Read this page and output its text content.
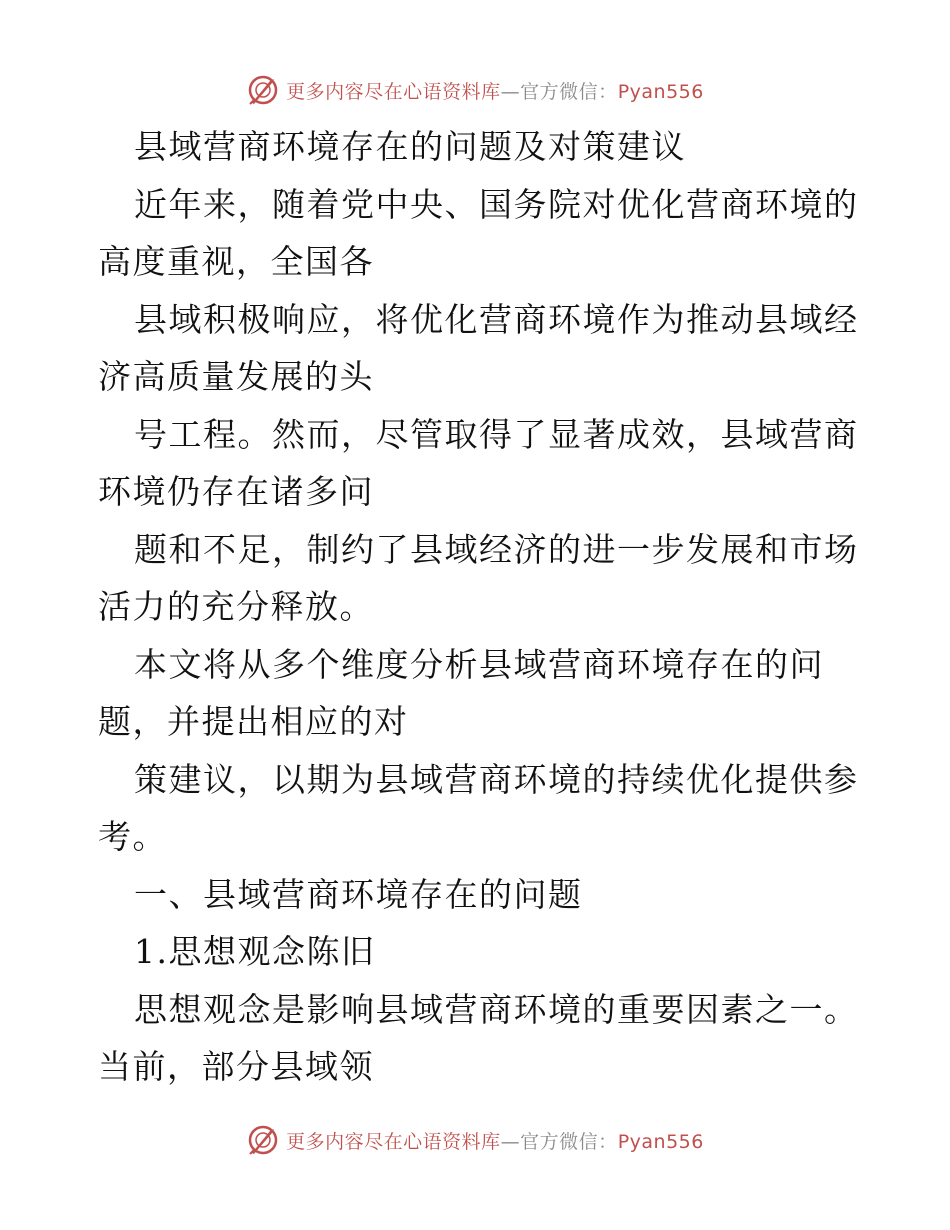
更多内容尽在心语资料库—官方微信：Pyan556
县域营商环境存在的问题及对策建议
近年来，随着党中央、国务院对优化营商环境的
高度重视，全国各
县域积极响应，将优化营商环境作为推动县域经
济高质量发展的头
号工程。然而，尽管取得了显著成效，县域营商
环境仍存在诸多问
题和不足，制约了县域经济的进一步发展和市场
活力的充分释放。
本文将从多个维度分析县域营商环境存在的问
题，并提出相应的对
策建议，以期为县域营商环境的持续优化提供参
考。
一、县域营商环境存在的问题
1.思想观念陈旧
思想观念是影响县域营商环境的重要因素之一。
当前，部分县域领
更多内容尽在心语资料库—官方微信：Pyan556
